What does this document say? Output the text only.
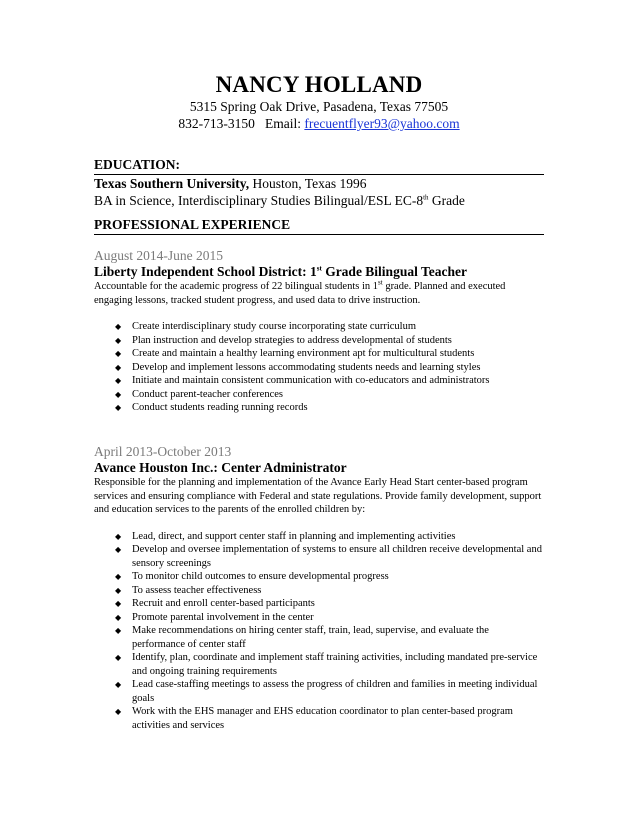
NANCY HOLLAND
5315 Spring Oak Drive, Pasadena, Texas 77505
832-713-3150 Email: frecuentflyer93@yahoo.com
EDUCATION:
Texas Southern University, Houston, Texas 1996
BA in Science, Interdisciplinary Studies Bilingual/ESL EC-8th Grade
PROFESSIONAL EXPERIENCE
August 2014-June 2015
Liberty Independent School District: 1st Grade Bilingual Teacher
Accountable for the academic progress of 22 bilingual students in 1st grade. Planned and executed engaging lessons, tracked student progress, and used data to drive instruction.
◆ Create interdisciplinary study course incorporating state curriculum
◆ Plan instruction and develop strategies to address developmental of students
◆ Create and maintain a healthy learning environment apt for multicultural students
◆ Develop and implement lessons accommodating students needs and learning styles
◆ Initiate and maintain consistent communication with co-educators and administrators
◆ Conduct parent-teacher conferences
◆ Conduct students reading running records
April 2013-October 2013
Avance Houston Inc.: Center Administrator
Responsible for the planning and implementation of the Avance Early Head Start center-based program services and ensuring compliance with Federal and state regulations. Provide family development, support and education services to the parents of the enrolled children by:
◆ Lead, direct, and support center staff in planning and implementing activities
◆ Develop and oversee implementation of systems to ensure all children receive developmental and sensory screenings
◆ To monitor child outcomes to ensure developmental progress
◆ To assess teacher effectiveness
◆ Recruit and enroll center-based participants
◆ Promote parental involvement in the center
◆ Make recommendations on hiring center staff, train, lead, supervise, and evaluate the performance of center staff
◆ Identify, plan, coordinate and implement staff training activities, including mandated pre-service and ongoing training requirements
◆ Lead case-staffing meetings to assess the progress of children and families in meeting individual goals
◆ Work with the EHS manager and EHS education coordinator to plan center-based program activities and services
